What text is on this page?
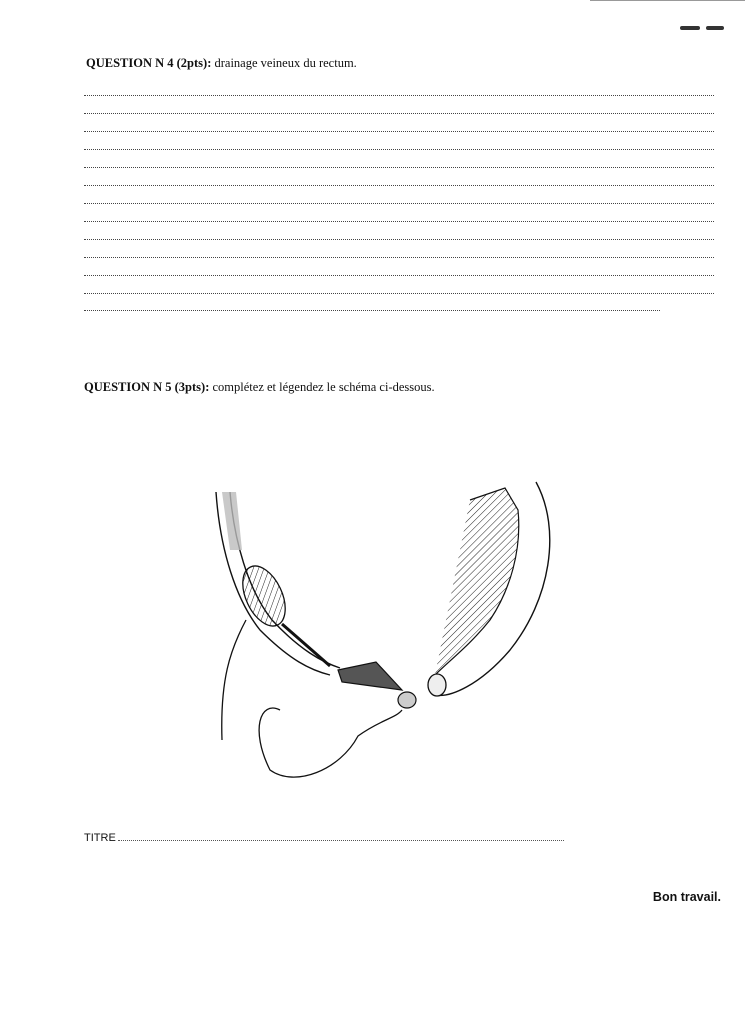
QUESTION N 4 (2pts): drainage veineux du rectum.
QUESTION N 5 (3pts): complétez et légendez le schéma ci-dessous.
TITRE
Bon travail.
